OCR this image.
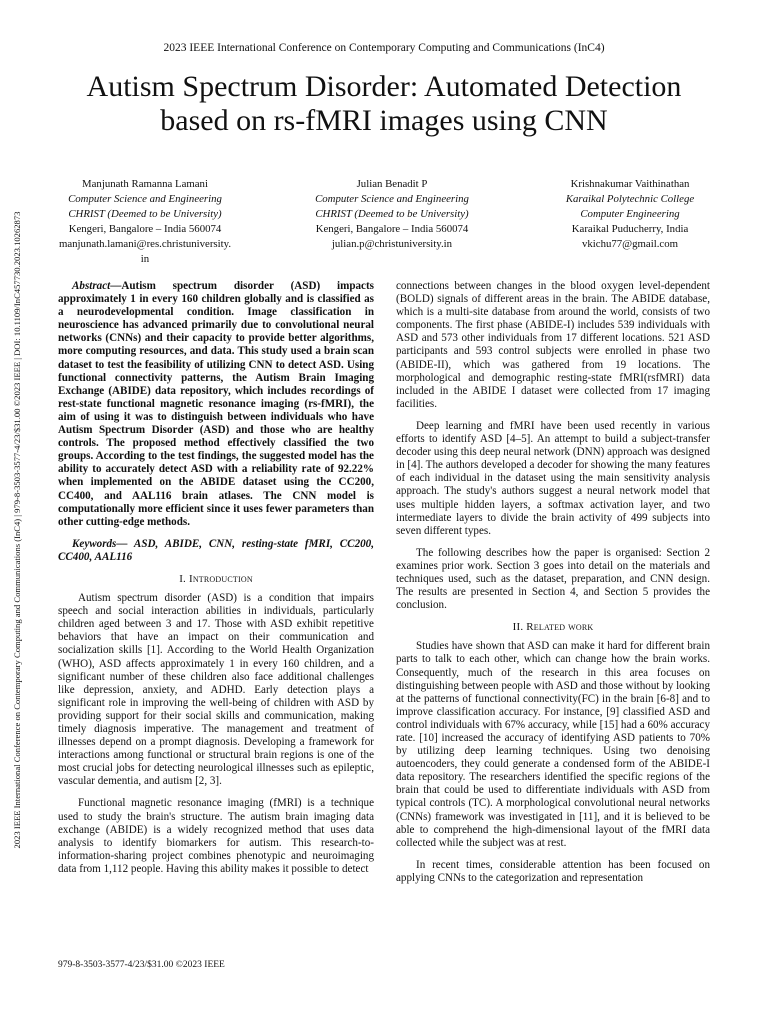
2023 IEEE International Conference on Contemporary Computing and Communications (InC4)
Autism Spectrum Disorder: Automated Detection
based on rs-fMRI images using CNN
2023 IEEE International Conference on Contemporary Computing and Communications (InC4) | 979-8-3503-3577-4/23/$31.00 ©2023 IEEE | DOI: 10.1109/InC457730.2023.10262873
Manjunath Ramanna Lamani
Computer Science and Engineering
CHRIST (Deemed to be University)
Kengeri, Bangalore – India 560074
manjunath.lamani@res.christuniversity.
in
Julian Benadit P
Computer Science and Engineering
CHRIST (Deemed to be University)
Kengeri, Bangalore – India 560074
julian.p@christuniversity.in
Krishnakumar Vaithinathan
Karaikal Polytechnic College
Computer Engineering
Karaikal Puducherry, India
vkichu77@gmail.com

Abstract—Autism spectrum disorder (ASD) impacts approximately 1 in every 160 children globally and is classified as a neurodevelopmental condition. Image classification in neuroscience has advanced primarily due to convolutional neural networks (CNNs) and their capacity to provide better algorithms, more computing resources, and data. This study used a brain scan dataset to test the feasibility of utilizing CNN to detect ASD. Using functional connectivity patterns, the Autism Brain Imaging Exchange (ABIDE) data repository, which includes recordings of rest-state functional magnetic resonance imaging (rs-fMRI), the aim of using it was to distinguish between individuals who have Autism Spectrum Disorder (ASD) and those who are healthy controls. The proposed method effectively classified the two groups. According to the test findings, the suggested model has the ability to accurately detect ASD with a reliability rate of 92.22% when implemented on the ABIDE dataset using the CC200, CC400, and AAL116 brain atlases. The CNN model is computationally more efficient since it uses fewer parameters than other cutting-edge methods.

Keywords— ASD, ABIDE, CNN, resting-state fMRI, CC200, CC400, AAL116

I. Introduction

Autism spectrum disorder (ASD) is a condition that impairs speech and social interaction abilities in individuals, particularly children aged between 3 and 17. Those with ASD exhibit repetitive behaviors that have an impact on their communication and socialization skills [1]. According to the World Health Organization (WHO), ASD affects approximately 1 in every 160 children, and a significant number of these children also face additional challenges like depression, anxiety, and ADHD. Early detection plays a significant role in improving the well-being of children with ASD by providing support for their social skills and communication, making timely diagnosis imperative. The management and treatment of illnesses depend on a prompt diagnosis. Developing a framework for interactions among functional or structural brain regions is one of the most crucial jobs for detecting neurological illnesses such as epileptic, vascular dementia, and autism [2, 3].

Functional magnetic resonance imaging (fMRI) is a technique used to study the brain's structure. The autism brain imaging data exchange (ABIDE) is a widely recognized method that uses data analysis to identify biomarkers for autism. This research-to-information-sharing project combines phenotypic and neuroimaging data from 1,112 people. Having this ability makes it possible to detect

connections between changes in the blood oxygen level-dependent (BOLD) signals of different areas in the brain. The ABIDE database, which is a multi-site database from around the world, consists of two components. The first phase (ABIDE-I) includes 539 individuals with ASD and 573 other individuals from 17 different locations. 521 ASD participants and 593 control subjects were enrolled in phase two (ABIDE-II), which was gathered from 19 locations. The morphological and demographic resting-state fMRI(rsfMRI) data included in the ABIDE I dataset were collected from 17 imaging facilities.

Deep learning and fMRI have been used recently in various efforts to identify ASD [4–5]. An attempt to build a subject-transfer decoder using this deep neural network (DNN) approach was designed in [4]. The authors developed a decoder for showing the many features of each individual in the dataset using the main sensitivity analysis approach. The study's authors suggest a neural network model that uses multiple hidden layers, a softmax activation layer, and two intermediate layers to divide the brain activity of 499 subjects into seven different types.

The following describes how the paper is organised: Section 2 examines prior work. Section 3 goes into detail on the materials and techniques used, such as the dataset, preparation, and CNN design. The results are presented in Section 4, and Section 5 provides the conclusion.

II. Related work

Studies have shown that ASD can make it hard for different brain parts to talk to each other, which can change how the brain works. Consequently, much of the research in this area focuses on distinguishing between people with ASD and those without by looking at the patterns of functional connectivity(FC) in the brain [6-8] and to improve classification accuracy. For instance, [9] classified ASD and control individuals with 67% accuracy, while [15] had a 60% accuracy rate. [10] increased the accuracy of identifying ASD patients to 70% by utilizing deep learning techniques. Using two denoising autoencoders, they could generate a condensed form of the ABIDE-I data repository. The researchers identified the specific regions of the brain that could be used to differentiate individuals with ASD from typical controls (TC). A morphological convolutional neural networks (CNNs) framework was investigated in [11], and it is believed to be able to comprehend the high-dimensional layout of the fMRI data collected while the subject was at rest.

In recent times, considerable attention has been focused on applying CNNs to the categorization and representation

979-8-3503-3577-4/23/$31.00 ©2023 IEEE
